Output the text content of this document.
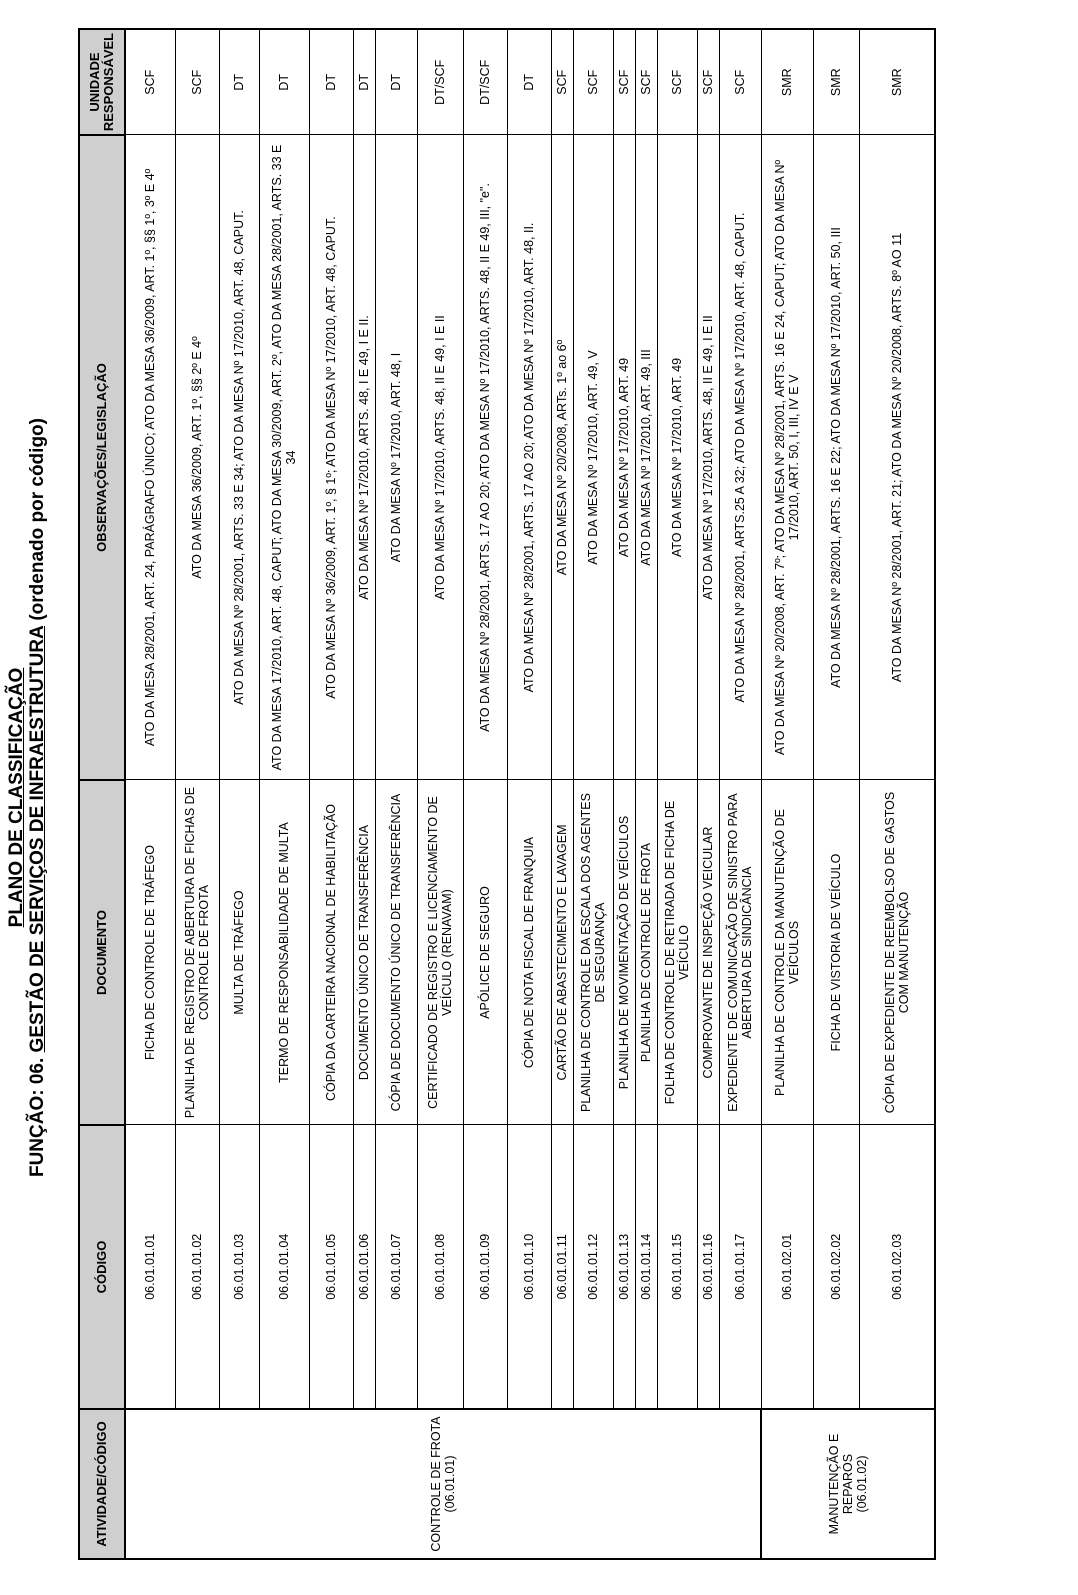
PLANO DE CLASSIFICAÇÃO
FUNÇÃO: 06. GESTÃO DE SERVIÇOS DE INFRAESTRUTURA (ordenado por código)
ATIVIDADE/CÓDIGO	CÓDIGO	DOCUMENTO	OBSERVAÇÕES/LEGISLAÇÃO	UNIDADE RESPONSÁVEL

CONTROLE DE FROTA (06.01.01)	06.01.01.01	FICHA DE CONTROLE DE TRÁFEGO	ATO DA MESA 28/2001, ART. 24, PARÁGRAFO ÚNICO; ATO DA MESA 36/2009, ART. 1º, §§ 1º, 3º E 4º	SCF
	06.01.01.02	PLANILHA DE REGISTRO DE ABERTURA DE FICHAS DE CONTROLE DE FROTA	ATO DA MESA 36/2009, ART. 1º, §§ 2º E 4º	SCF
	06.01.01.03	MULTA DE TRÁFEGO	ATO DA MESA Nº 28/2001, ARTS. 33 E 34; ATO DA MESA Nº 17/2010, ART. 48, CAPUT.	DT
	06.01.01.04	TERMO DE RESPONSABILIDADE DE MULTA	ATO DA MESA 17/2010, ART. 48, CAPUT; ATO DA MESA 30/2009, ART. 2º, ATO DA MESA 28/2001, ARTS. 33 E 34	DT
	06.01.01.05	CÓPIA DA CARTEIRA NACIONAL DE HABILITAÇÃO	ATO DA MESA Nº 36/2009, ART. 1º, § 1º; ATO DA MESA Nº 17/2010, ART. 48, CAPUT.	DT
	06.01.01.06	DOCUMENTO ÚNICO DE TRANSFERÊNCIA	ATO DA MESA Nº 17/2010, ARTS. 48, I E 49, I E II.	DT
	06.01.01.07	CÓPIA DE DOCUMENTO ÚNICO DE TRANSFERÊNCIA	ATO DA MESA Nº 17/2010, ART. 48, I	DT
	06.01.01.08	CERTIFICADO DE REGISTRO E LICENCIAMENTO DE VEÍCULO (RENAVAM)	ATO DA MESA Nº 17/2010, ARTS. 48, II E 49, I E II	DT/SCF
	06.01.01.09	APÓLICE DE SEGURO	ATO DA MESA Nº 28/2001, ARTS. 17 AO 20; ATO DA MESA Nº 17/2010, ARTS. 48, II E 49, III, "e".	DT/SCF
	06.01.01.10	CÓPIA DE NOTA FISCAL DE FRANQUIA	ATO DA MESA Nº 28/2001, ARTS. 17 AO 20; ATO DA MESA Nº 17/2010, ART. 48, II.	DT
	06.01.01.11	CARTÃO DE ABASTECIMENTO E LAVAGEM	ATO DA MESA Nº 20/2008, ARTs. 1º ao 6º	SCF
	06.01.01.12	PLANILHA DE CONTROLE DA ESCALA DOS AGENTES DE SEGURANÇA	ATO DA MESA Nº 17/2010, ART. 49, V	SCF
	06.01.01.13	PLANILHA DE MOVIMENTAÇÃO DE VEÍCULOS	ATO DA MESA Nº 17/2010, ART. 49	SCF
	06.01.01.14	PLANILHA DE CONTROLE DE FROTA	ATO DA MESA Nº 17/2010, ART. 49, III	SCF
	06.01.01.15	FOLHA DE CONTROLE DE RETIRADA DE FICHA DE VEÍCULO	ATO DA MESA Nº 17/2010, ART. 49	SCF
	06.01.01.16	COMPROVANTE DE INSPEÇÃO VEICULAR	ATO DA MESA Nº 17/2010, ARTS. 48, II E 49, I E II	SCF
	06.01.01.17	EXPEDIENTE DE COMUNICAÇÃO DE SINISTRO PARA ABERTURA DE SINDICÂNCIA	ATO DA MESA Nº 28/2001, ARTS.25 A 32; ATO DA MESA Nº 17/2010, ART. 48, CAPUT.	SCF

MANUTENÇÃO E REPAROS (06.01.02)	06.01.02.01	PLANILHA DE CONTROLE DA MANUTENÇÃO DE VEÍCULOS	ATO DA MESA Nº 20/2008, ART. 7º; ATO DA MESA Nº 28/2001, ARTS. 16 E 24, CAPUT; ATO DA MESA Nº 17/2010, ART. 50, I, III, IV E V	SMR
	06.01.02.02	FICHA DE VISTORIA DE VEÍCULO	ATO DA MESA Nº 28/2001, ARTS. 16 E 22; ATO DA MESA Nº 17/2010, ART. 50, III	SMR
	06.01.02.03	CÓPIA DE EXPEDIENTE DE REEMBOLSO DE GASTOS COM MANUTENÇÃO	ATO DA MESA Nº 28/2001, ART. 21; ATO DA MESA Nº 20/2008, ARTS. 8º AO 11	SMR
